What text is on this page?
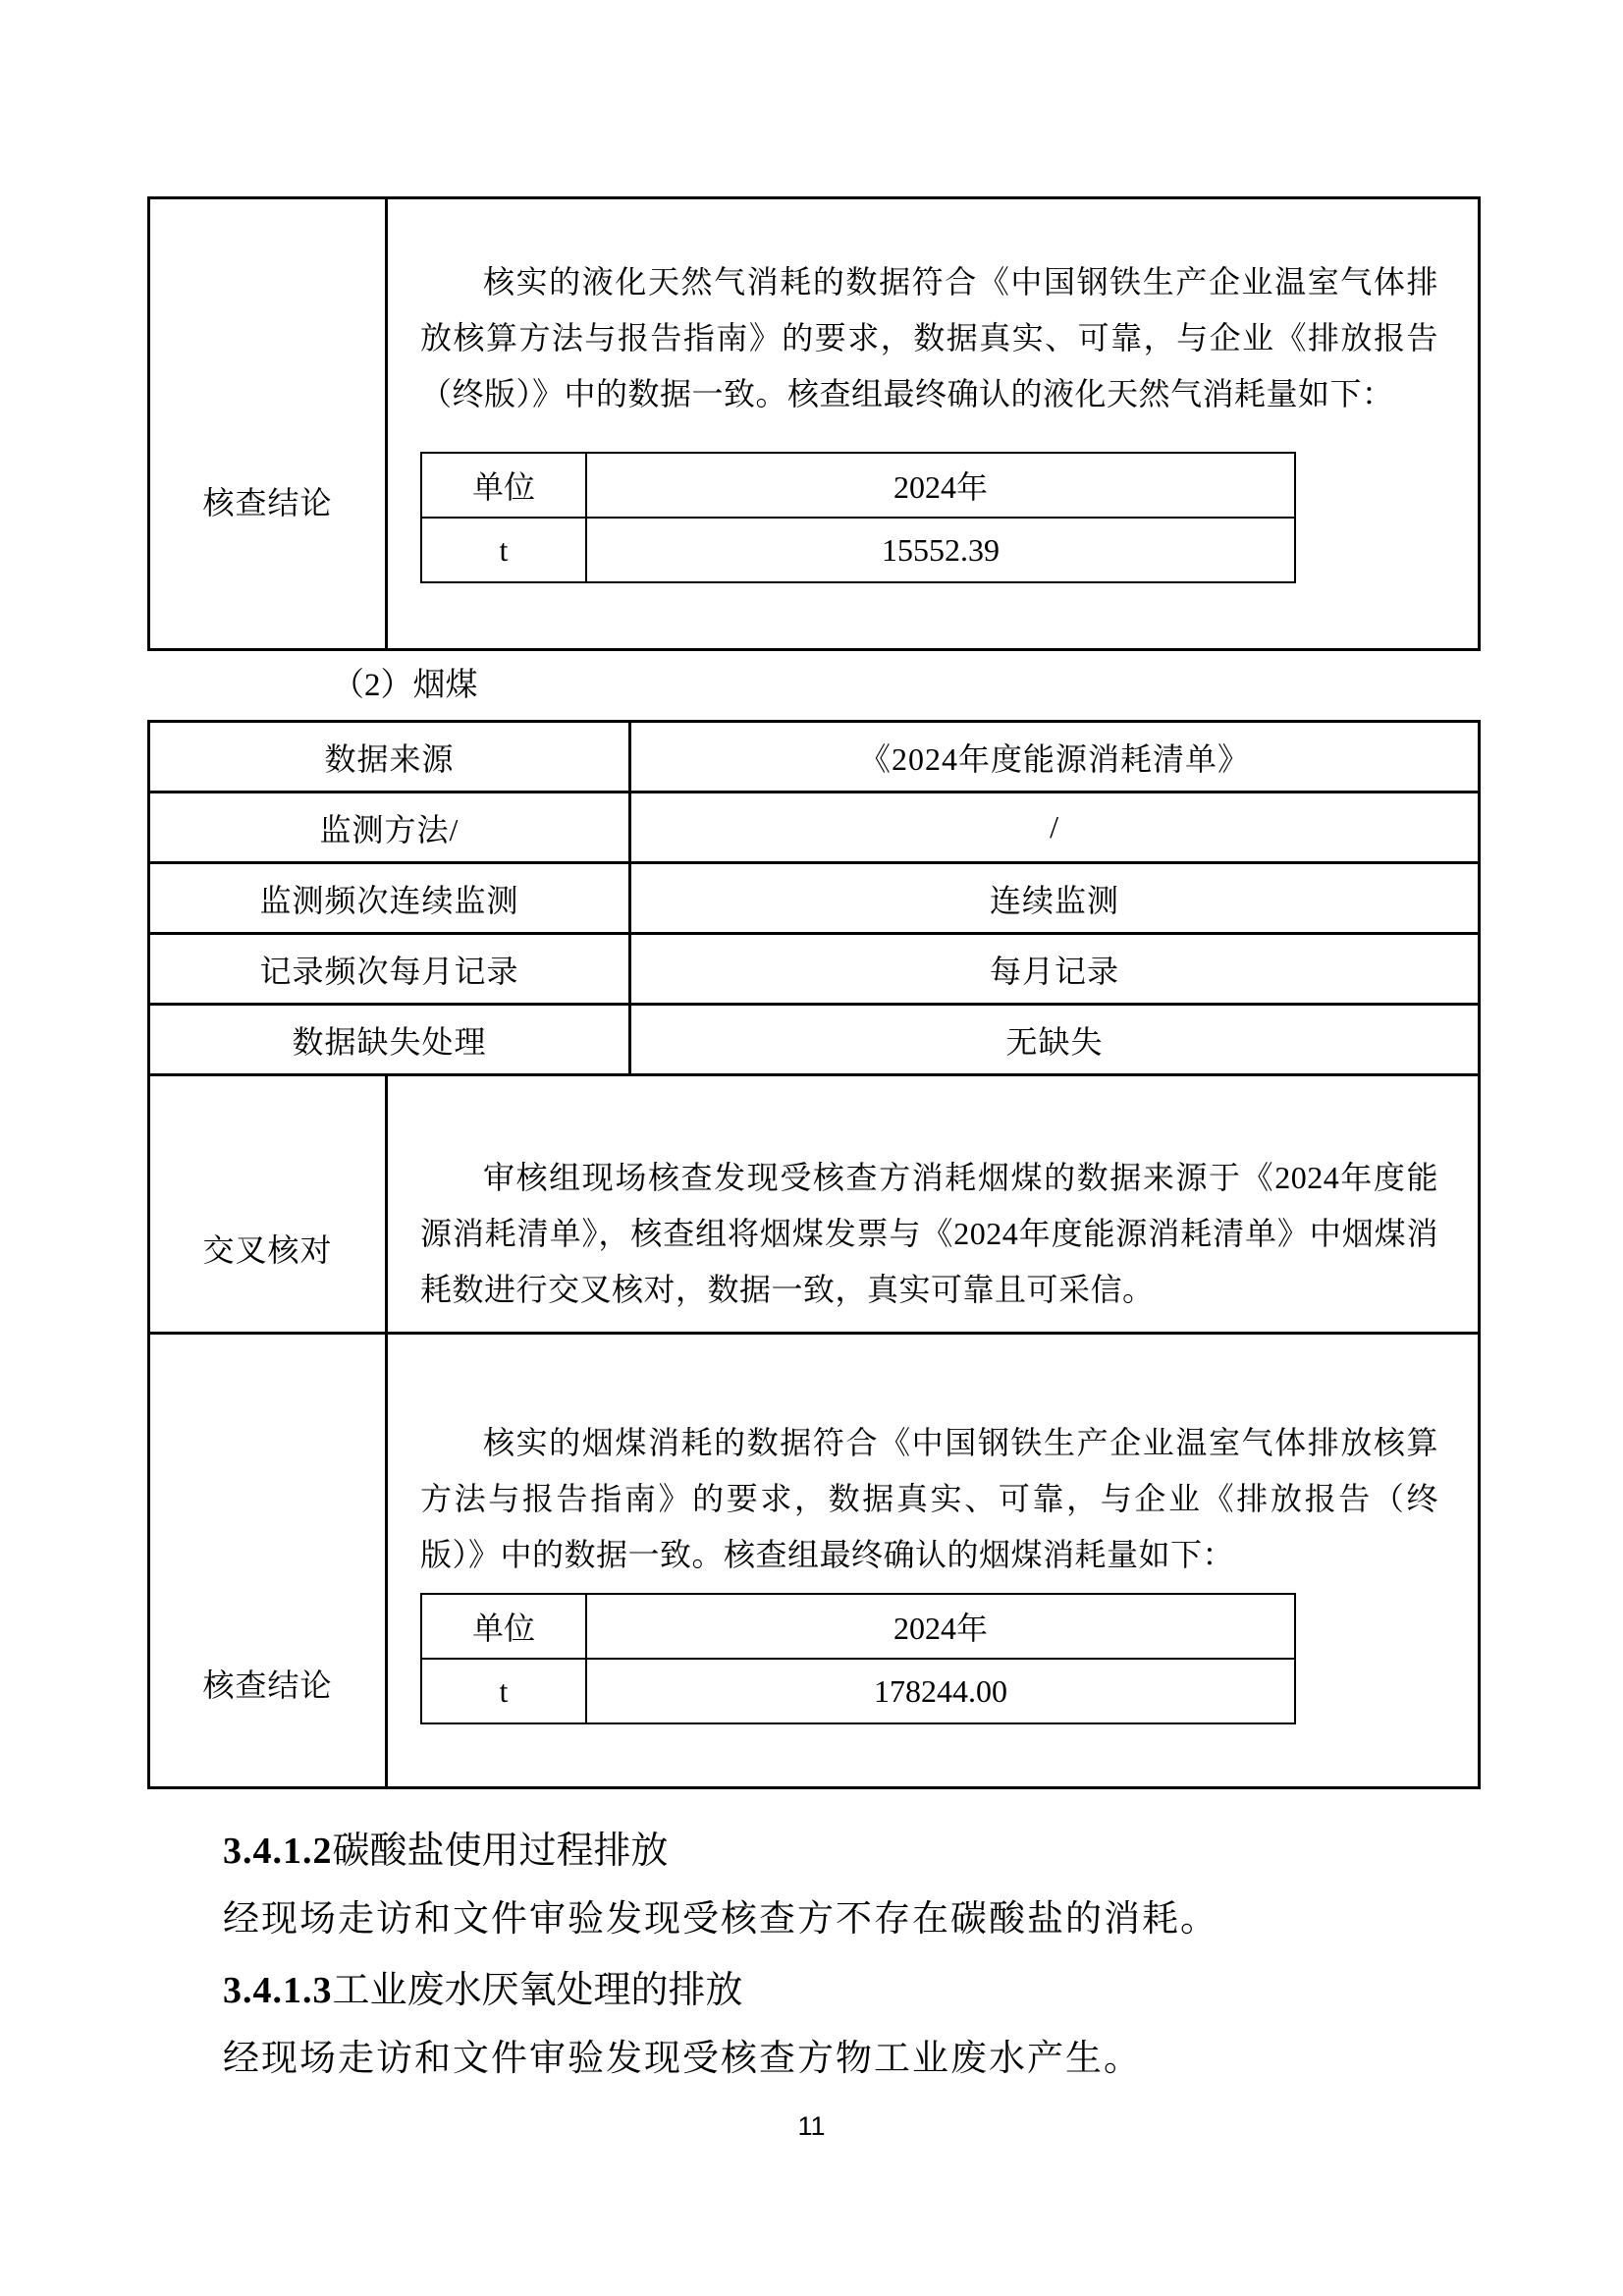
核查结论	
核实的液化天然气消耗的数据符合《中国钢铁生产企业温室气体排放核算方法与报告指南》的要求，数据真实、可靠，与企业《排放报告（终版）》中的数据一致。核查组最终确认的液化天然气消耗量如下：
单位	2024年
t	15552.39
（2）烟煤
数据来源	《2024年度能源消耗清单》
监测方法/	/
监测频次连续监测	连续监测
记录频次每月记录	每月记录
数据缺失处理	无缺失
交叉核对	
审核组现场核查发现受核查方消耗烟煤的数据来源于《2024年度能源消耗清单》，核查组将烟煤发票与《2024年度能源消耗清单》中烟煤消耗数进行交叉核对，数据一致，真实可靠且可采信。

核查结论	
核实的烟煤消耗的数据符合《中国钢铁生产企业温室气体排放核算方法与报告指南》的要求，数据真实、可靠，与企业《排放报告（终版）》中的数据一致。核查组最终确认的烟煤消耗量如下：
单位	2024年
t	178244.00
3.4.1.2碳酸盐使用过程排放
经现场走访和文件审验发现受核查方不存在碳酸盐的消耗。
3.4.1.3工业废水厌氧处理的排放
经现场走访和文件审验发现受核查方物工业废水产生。
11
